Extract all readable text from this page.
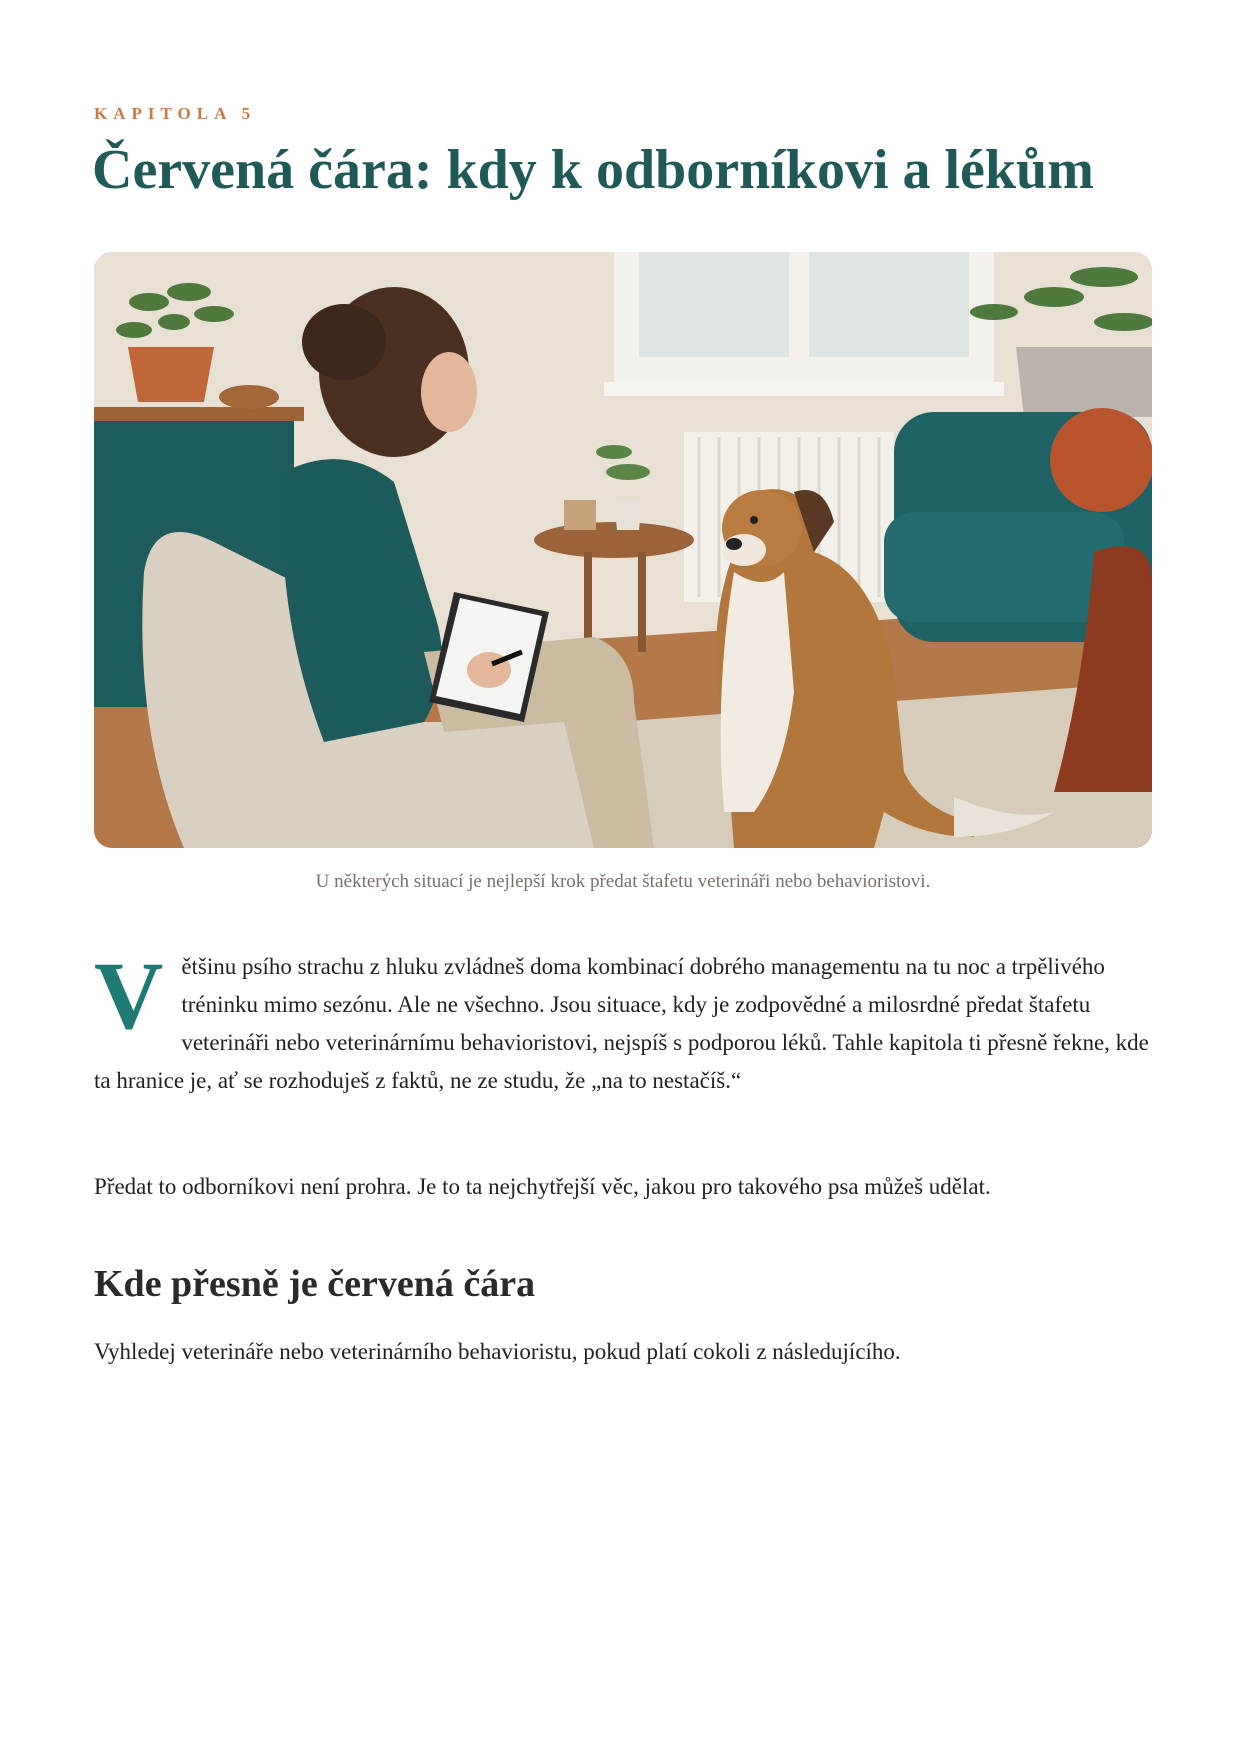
KAPITOLA 5
Červená čára: kdy k odborníkovi a lékům
U některých situací je nejlepší krok předat štafetu veterináři nebo behavioristovi.
Většinu psího strachu z hluku zvládneš doma kombinací dobrého managementu na tu noc a trpělivého tréninku mimo sezónu. Ale ne všechno. Jsou situace, kdy je zodpovědné a milosrdné předat štafetu veterináři nebo veterinárnímu behavioristovi, nejspíš s podporou léků. Tahle kapitola ti přesně řekne, kde ta hranice je, ať se rozhoduješ z faktů, ne ze studu, že „na to nestačíš.“
Předat to odborníkovi není prohra. Je to ta nejchytřejší věc, jakou pro takového psa můžeš udělat.
Kde přesně je červená čára
Vyhledej veterináře nebo veterinárního behavioristu, pokud platí cokoli z následujícího.
